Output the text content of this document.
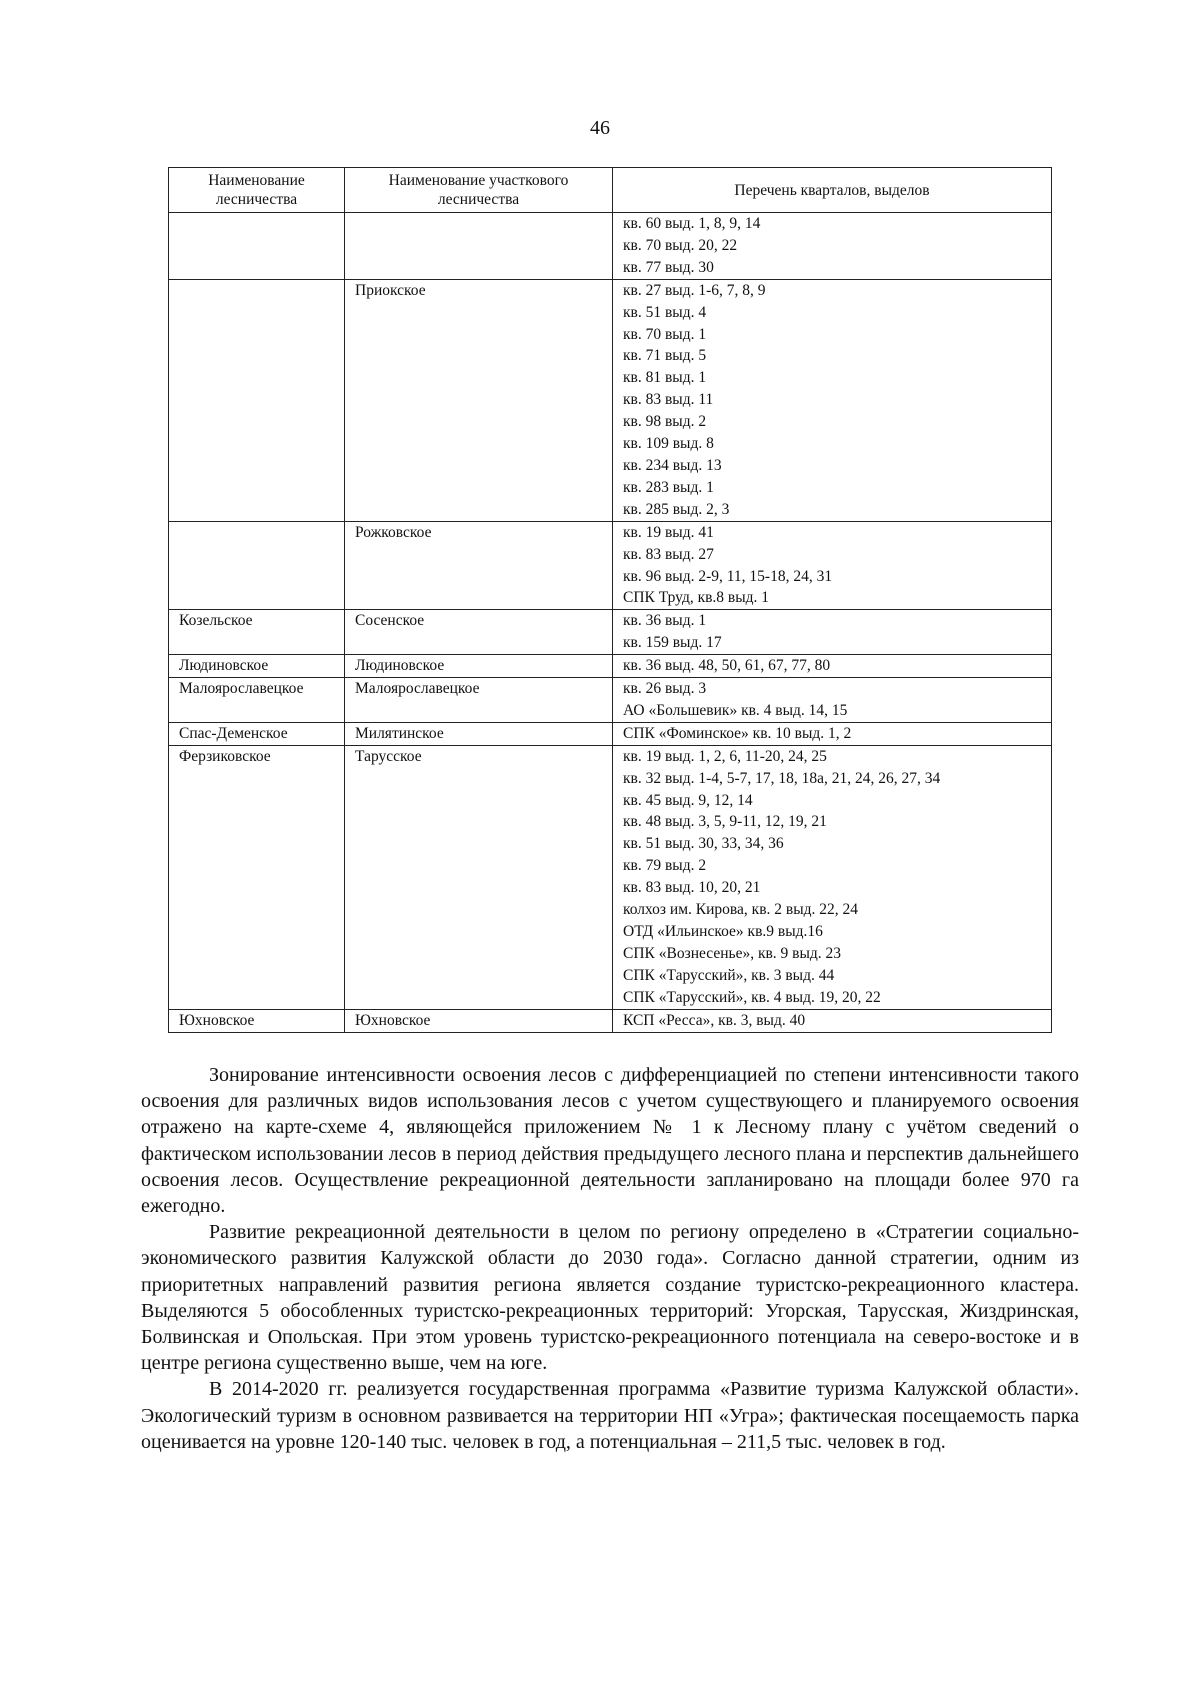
46
Наименование лесничества	Наименование участкового лесничества	Перечень кварталов, выделов
		кв. 60 выд. 1, 8, 9, 14
		кв. 70 выд. 20, 22
		кв. 77 выд. 30
	Приокское	кв. 27 выд. 1-6, 7, 8, 9
		кв. 51 выд. 4
		кв. 70 выд. 1
		кв. 71 выд. 5
		кв. 81 выд. 1
		кв. 83 выд. 11
		кв. 98 выд. 2
		кв. 109 выд. 8
		кв. 234 выд. 13
		кв. 283 выд. 1
		кв. 285 выд. 2, 3
	Рожковское	кв. 19 выд. 41
		кв. 83 выд. 27
		кв. 96 выд. 2-9, 11, 15-18, 24, 31
		СПК Труд, кв.8 выд. 1
Козельское	Сосенское	кв. 36 выд. 1
		кв. 159 выд. 17
Людиновское	Людиновское	кв. 36 выд. 48, 50, 61, 67, 77, 80
Малоярославецкое	Малоярославецкое	кв. 26 выд. 3
		АО «Большевик» кв. 4 выд. 14, 15
Спас-Деменское	Милятинское	СПК «Фоминское» кв. 10 выд. 1, 2
Ферзиковское	Тарусское	кв. 19 выд. 1, 2, 6, 11-20, 24, 25
		кв. 32 выд. 1-4, 5-7, 17, 18, 18а, 21, 24, 26, 27, 34
		кв. 45 выд. 9, 12, 14
		кв. 48 выд. 3, 5, 9-11, 12, 19, 21
		кв. 51 выд. 30, 33, 34, 36
		кв. 79 выд. 2
		кв. 83 выд. 10, 20, 21
		колхоз им. Кирова, кв. 2 выд. 22, 24
		ОТД «Ильинское» кв.9 выд.16
		СПК «Вознесенье», кв. 9 выд. 23
		СПК «Тарусский», кв. 3 выд. 44
		СПК «Тарусский», кв. 4 выд. 19, 20, 22
Юхновское	Юхновское	КСП «Ресса», кв. 3, выд. 40

Зонирование интенсивности освоения лесов с дифференциацией по степени интенсивности такого освоения для различных видов использования лесов с учетом существующего и планируемого освоения отражено на карте-схеме 4, являющейся приложением № 1 к Лесному плану с учётом сведений о фактическом использовании лесов в период действия предыдущего лесного плана и перспектив дальнейшего освоения лесов. Осуществление рекреационной деятельности запланировано на площади более 970 га ежегодно.

Развитие рекреационной деятельности в целом по региону определено в «Стратегии социально-экономического развития Калужской области до 2030 года». Согласно данной стратегии, одним из приоритетных направлений развития региона является создание туристско-рекреационного кластера. Выделяются 5 обособленных туристско-рекреационных территорий: Угорская, Тарусская, Жиздринская, Болвинская и Опольская. При этом уровень туристско-рекреационного потенциала на северо-востоке и в центре региона существенно выше, чем на юге.

В 2014-2020 гг. реализуется государственная программа «Развитие туризма Калужской области». Экологический туризм в основном развивается на территории НП «Угра»; фактическая посещаемость парка оценивается на уровне 120-140 тыс. человек в год, а потенциальная – 211,5 тыс. человек в год.
